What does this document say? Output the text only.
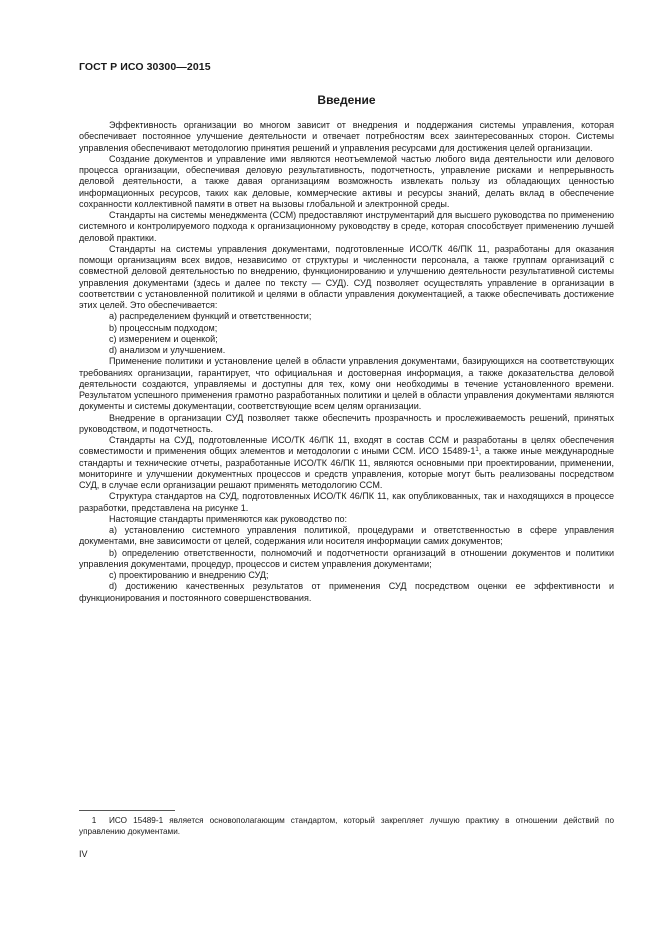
ГОСТ Р ИСО 30300—2015
Введение

Эффективность организации во многом зависит от внедрения и поддержания системы управления, которая обеспечивает постоянное улучшение деятельности и отвечает потребностям всех заинтересованных сторон. Системы управления обеспечивают методологию принятия решений и управления ресурсами для достижения целей организации.

Создание документов и управление ими являются неотъемлемой частью любого вида деятельности или делового процесса организации, обеспечивая деловую результативность, подотчетность, управление рисками и непрерывность деловой деятельности, а также давая организациям возможность извлекать пользу из обладающих ценностью информационных ресурсов, таких как деловые, коммерческие активы и ресурсы знаний, делать вклад в обеспечение сохранности коллективной памяти в ответ на вызовы глобальной и электронной среды.

Стандарты на системы менеджмента (ССМ) предоставляют инструментарий для высшего руководства по применению системного и контролируемого подхода к организационному руководству в среде, которая способствует применению лучшей деловой практики.

Стандарты на системы управления документами, подготовленные ИСО/ТК 46/ПК 11, разработаны для оказания помощи организациям всех видов, независимо от структуры и численности персонала, а также группам организаций с совместной деловой деятельностью по внедрению, функционированию и улучшению деятельности результативной системы управления документами (здесь и далее по тексту — СУД). СУД позволяет осуществлять управление в организации в соответствии с установленной политикой и целями в области управления документацией, а также обеспечивать достижение этих целей. Это обеспечивается:

a) распределением функций и ответственности;

b) процессным подходом;

c) измерением и оценкой;

d) анализом и улучшением.

Применение политики и установление целей в области управления документами, базирующихся на соответствующих требованиях организации, гарантирует, что официальная и достоверная информация, а также доказательства деловой деятельности создаются, управляемы и доступны для тех, кому они необходимы в течение установленного времени. Результатом успешного применения грамотно разработанных политики и целей в области управления документами являются документы и системы документации, соответствующие всем целям организации.

Внедрение в организации СУД позволяет также обеспечить прозрачность и прослеживаемость решений, принятых руководством, и подотчетность.

Стандарты на СУД, подготовленные ИСО/ТК 46/ПК 11, входят в состав ССМ и разработаны в целях обеспечения совместимости и применения общих элементов и методологии с иными ССМ. ИСО $15489-1^1$, а также иные международные стандарты и технические отчеты, разработанные ИСО/ТК 46/ПК 11, являются основными при проектировании, применении, мониторинге и улучшении документных процессов и средств управления, которые могут быть реализованы посредством СУД, в случае если организации решают применять методологию ССМ.

Структура стандартов на СУД, подготовленных ИСО/ТК 46/ПК 11, как опубликованных, так и находящихся в процессе разработки, представлена на рисунке 1.

Настоящие стандарты применяются как руководство по:

а) установлению системного управления политикой, процедурами и ответственностью в сфере управления документами, вне зависимости от целей, содержания или носителя информации самих документов;

b) определению ответственности, полномочий и подотчетности организаций в отношении документов и политики управления документами, процедур, процессов и систем управления документами;

c) проектированию и внедрению СУД;

d) достижению качественных результатов от применения СУД посредством оценки ее эффективности и функционирования и постоянного совершенствования.

1 ИСО 15489-1 является основополагающим стандартом, который закрепляет лучшую практику в отношении действий по управлению документами.
IV
